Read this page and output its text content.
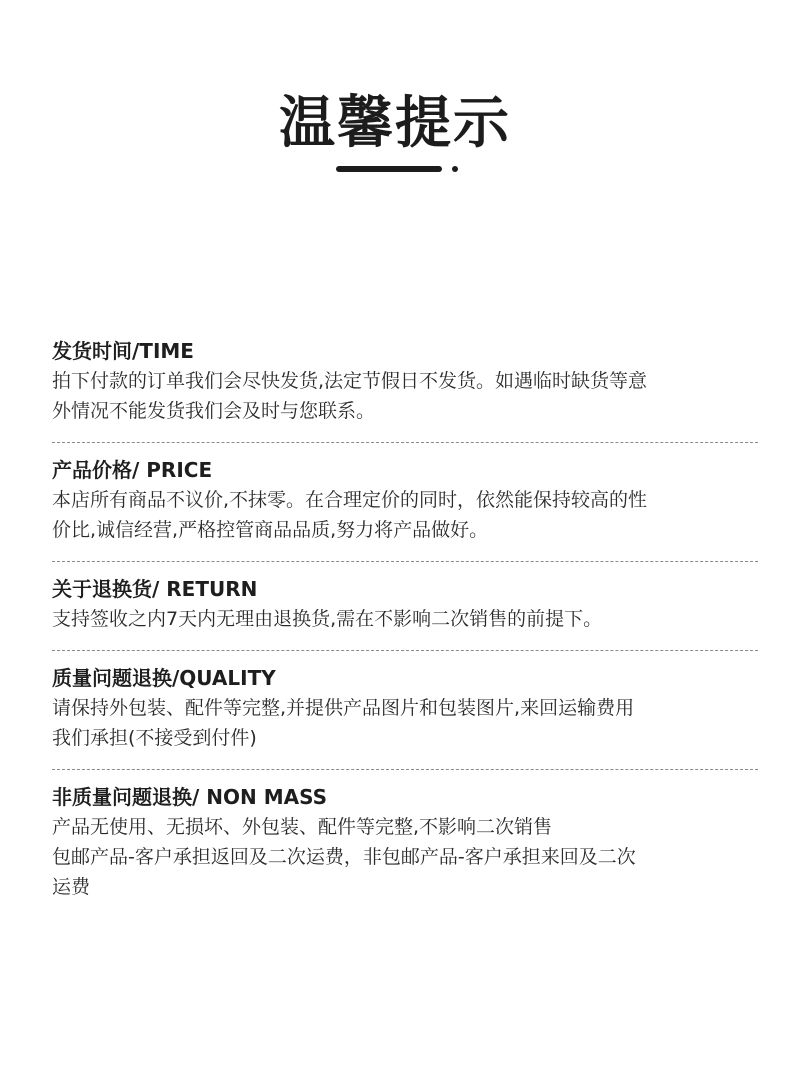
温馨提示
发货时间/TIME
拍下付款的订单我们会尽快发货,法定节假日不发货。如遇临时缺货等意
外情况不能发货我们会及时与您联系。
产品价格/ PRICE
本店所有商品不议价,不抹零。在合理定价的同时，依然能保持较高的性
价比,诚信经营,严格控管商品品质,努力将产品做好。
关于退换货/ RETURN
支持签收之内7天内无理由退换货,需在不影响二次销售的前提下。
质量问题退换/QUALITY
请保持外包装、配件等完整,并提供产品图片和包装图片,来回运输费用
我们承担(不接受到付件)
非质量问题退换/ NON MASS
产品无使用、无损坏、外包装、配件等完整,不影响二次销售
包邮产品-客户承担返回及二次运费，非包邮产品-客户承担来回及二次
运费
